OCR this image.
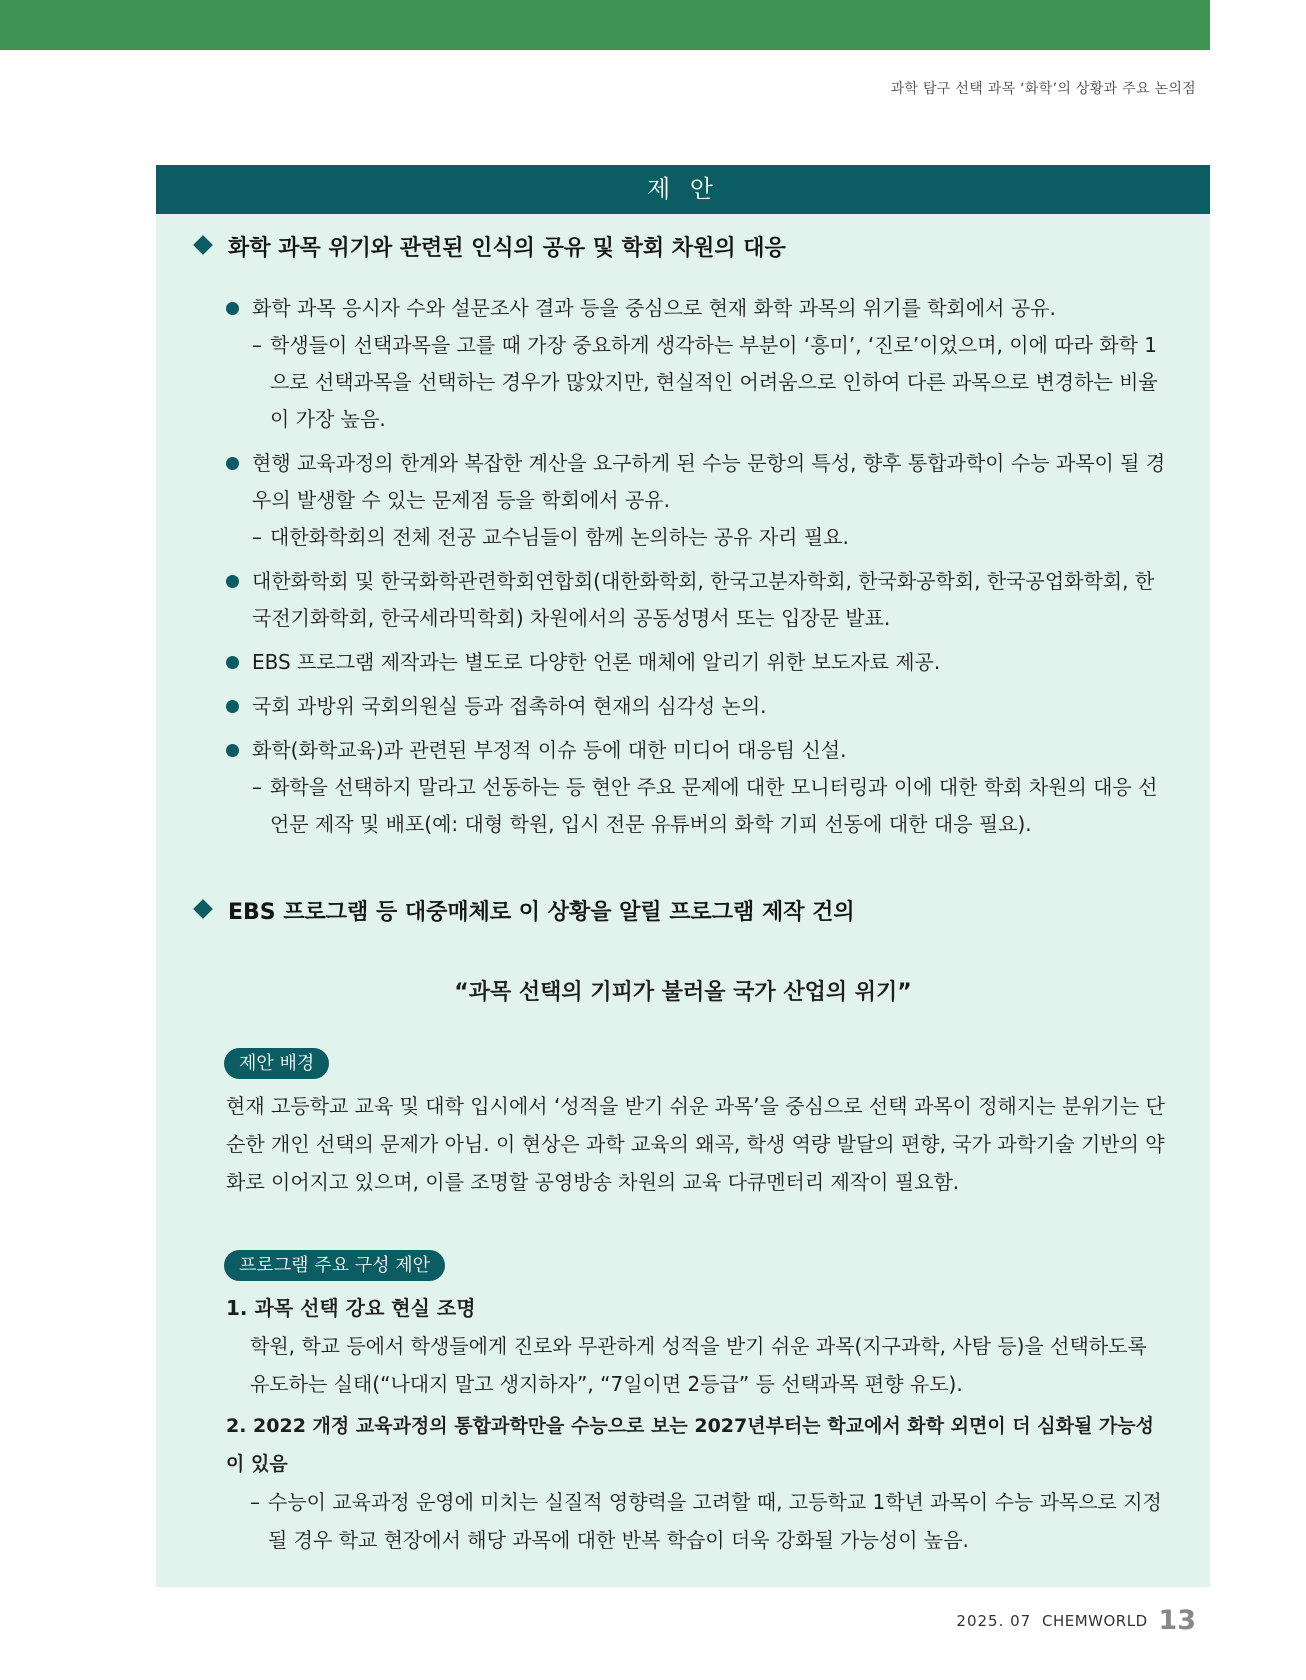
과학 탐구 선택 과목 ‘화학’의 상황과 주요 논의점
제 안
화학 과목 위기와 관련된 인식의 공유 및 학회 차원의 대응
화학 과목 응시자 수와 설문조사 결과 등을 중심으로 현재 화학 과목의 위기를 학회에서 공유.
– 학생들이 선택과목을 고를 때 가장 중요하게 생각하는 부분이 ‘흥미’, ‘진로’이었으며, 이에 따라 화학 1으로 선택과목을 선택하는 경우가 많았지만, 현실적인 어려움으로 인하여 다른 과목으로 변경하는 비율이 가장 높음.
현행 교육과정의 한계와 복잡한 계산을 요구하게 된 수능 문항의 특성, 향후 통합과학이 수능 과목이 될 경우의 발생할 수 있는 문제점 등을 학회에서 공유.
– 대한화학회의 전체 전공 교수님들이 함께 논의하는 공유 자리 필요.
대한화학회 및 한국화학관련학회연합회(대한화학회, 한국고분자학회, 한국화공학회, 한국공업화학회, 한국전기화학회, 한국세라믹학회) 차원에서의 공동성명서 또는 입장문 발표.
EBS 프로그램 제작과는 별도로 다양한 언론 매체에 알리기 위한 보도자료 제공.
국회 과방위 국회의원실 등과 접촉하여 현재의 심각성 논의.
화학(화학교육)과 관련된 부정적 이슈 등에 대한 미디어 대응팀 신설.
– 화학을 선택하지 말라고 선동하는 등 현안 주요 문제에 대한 모니터링과 이에 대한 학회 차원의 대응 선언문 제작 및 배포(예: 대형 학원, 입시 전문 유튜버의 화학 기피 선동에 대한 대응 필요).
EBS 프로그램 등 대중매체로 이 상황을 알릴 프로그램 제작 건의
“과목 선택의 기피가 불러올 국가 산업의 위기”
제안 배경
현재 고등학교 교육 및 대학 입시에서 ‘성적을 받기 쉬운 과목’을 중심으로 선택 과목이 정해지는 분위기는 단순한 개인 선택의 문제가 아님. 이 현상은 과학 교육의 왜곡, 학생 역량 발달의 편향, 국가 과학기술 기반의 약화로 이어지고 있으며, 이를 조명할 공영방송 차원의 교육 다큐멘터리 제작이 필요함.
프로그램 주요 구성 제안
1. 과목 선택 강요 현실 조명
학원, 학교 등에서 학생들에게 진로와 무관하게 성적을 받기 쉬운 과목(지구과학, 사탐 등)을 선택하도록 유도하는 실태(“나대지 말고 생지하자”, “7일이면 2등급” 등 선택과목 편향 유도).
2. 2022 개정 교육과정의 통합과학만을 수능으로 보는 2027년부터는 학교에서 화학 외면이 더 심화될 가능성이 있음
– 수능이 교육과정 운영에 미치는 실질적 영향력을 고려할 때, 고등학교 1학년 과목이 수능 과목으로 지정될 경우 학교 현장에서 해당 과목에 대한 반복 학습이 더욱 강화될 가능성이 높음.
2025. 07 CHEMWORLD 13
